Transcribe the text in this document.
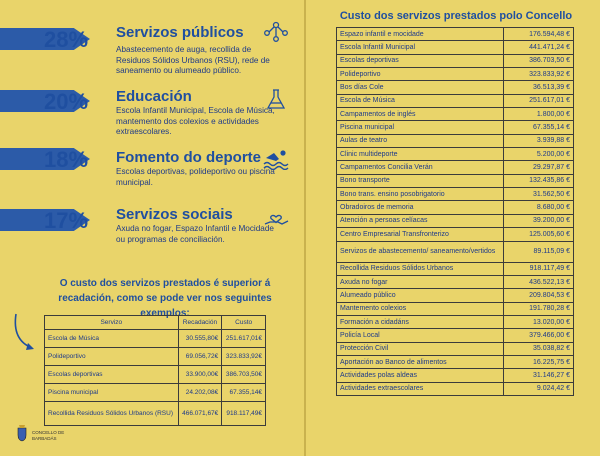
28% Servizos públicos
Abastecemento de auga, recollida de Residuos Sólidos Urbanos (RSU), rede de saneamento ou alumeado público.
20% Educación
Escola Infantil Municipal, Escola de Música, mantemento dos colexios e actividades extraescolares.
18% Fomento do deporte
Escolas deportivas, polideportivo ou piscina municipal.
17% Servizos sociais
Axuda no fogar, Espazo Infantil e Mocidade ou programas de conciliación.
O custo dos servizos prestados é superior á recadación, como se pode ver nos seguintes exemplos:
Servizo	Recadación	Custo
Escola de Música	30.555,80€	251.617,01€
Polideportivo	69.056,72€	323.833,92€
Escolas deportivas	33.900,00€	386.703,50€
Piscina municipal	24.202,08€	67.355,14€
Recollida Residuos Sólidos Urbanos (RSU)	466.071,67€	918.117,49€
CONCELLO DE
BARBADÁS
Custo dos servizos prestados polo Concello
Espazo infantil e mocidade	176.594,48 €
Escola Infantil Municipal	441.471,24 €
Escolas deportivas	386.703,50 €
Polideportivo	323.833,92 €
Bos días Cole	36.513,39 €
Escola de Música	251.617,01 €
Campamentos de inglés	1.800,00 €
Piscina municipal	67.355,14 €
Aulas de teatro	3.939,88 €
Clinic multideporte	5.200,00 €
Campamentos Concilia Verán	29.297,87 €
Bono transporte	132.435,86 €
Bono trans. ensino posobrigatorio	31.562,50 €
Obradoiros de memoria	8.680,00 €
Atención a persoas celíacas	39.200,00 €
Centro Empresarial Transfronterizo	125.005,60 €
Servizos de abastecemento/ saneamento/vertidos	89.115,09 €
Recollida Residuos Sólidos Urbanos	918.117,49 €
Axuda no fogar	436.522,13 €
Alumeado público	209.804,53 €
Mantemento colexios	191.780,28 €
Formación a cidadáns	13.020,00 €
Policía Local	379.466,00 €
Protección Civil	35.038,82 €
Aportación ao Banco de alimentos	16.225,75 €
Actividades polas aldeas	31.146,27 €
Actividades extraescolares	9.024,42 €
